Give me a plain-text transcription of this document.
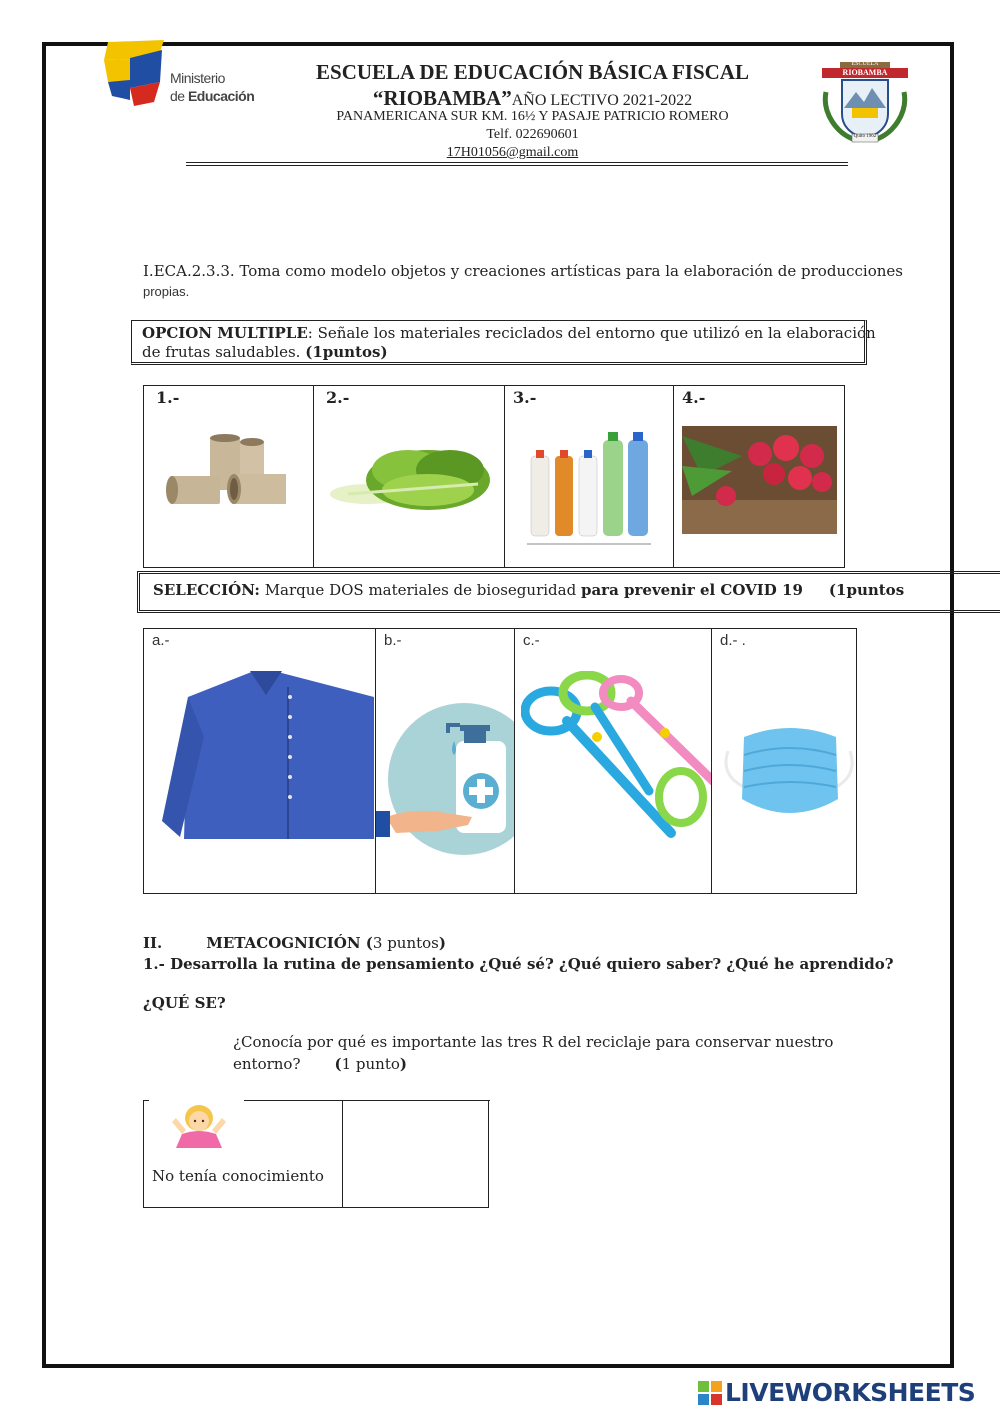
Ministerio
de Educación
ESCUELA DE EDUCACIÓN BÁSICA FISCAL
“RIOBAMBA”AÑO LECTIVO 2021-2022
PANAMERICANA SUR KM. 16½ Y PASAJE PATRICIO ROMERO
Telf. 022690601
17H01056@gmail.com
ESCUELA
RIOBAMBA
Quito 1962
I.ECA.2.3.3. Toma como modelo objetos y creaciones artísticas para la elaboración de producciones
propias.
OPCION MULTIPLE: Señale los materiales reciclados del entorno que utilizó en la elaboración
de frutas saludables. (1puntos)
1.-	2.-	3.-	4.-
SELECCIÓN: Marque DOS materiales de bioseguridad para prevenir el COVID 19 (1puntos
a.-	b.-	c.-	d.- .
II.	METACOGNICIÓN (3 puntos)
1.- Desarrolla la rutina de pensamiento ¿Qué sé? ¿Qué quiero saber? ¿Qué he aprendido?
¿QUÉ SE?
¿Conocía por qué es importante las tres R del reciclaje para conservar nuestro
entorno? (1 punto)
No tenía conocimiento
LIVEWORKSHEETS
